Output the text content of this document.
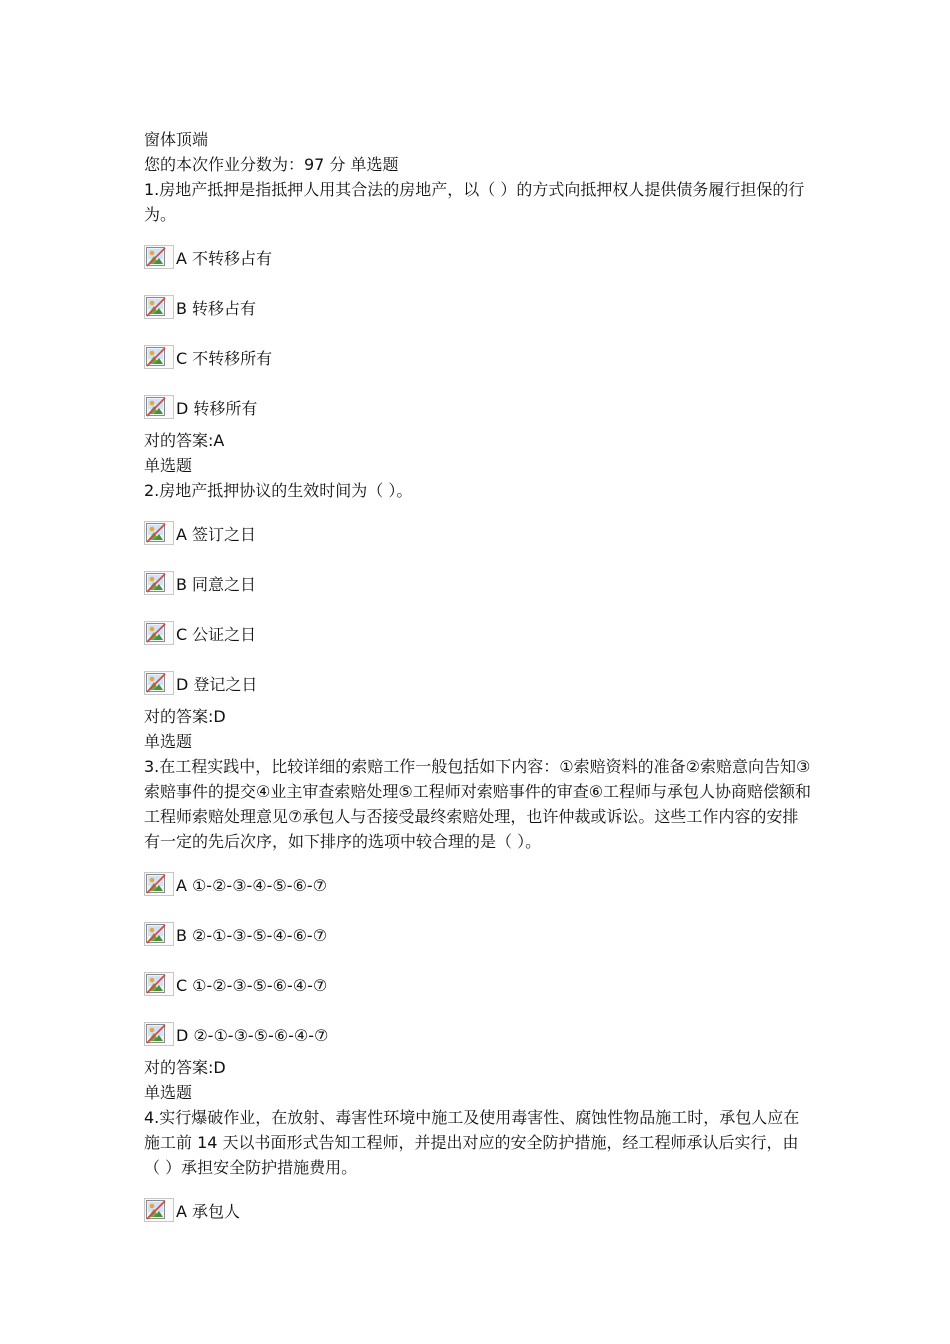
窗体顶端

您的本次作业分数为：97 分 单选题

1.房地产抵押是指抵押人用其合法的房地产，以（ ）的方式向抵押权人提供债务履行担保的行为。

A 不转移占有
B 转移占有
C 不转移所有
D 转移所有

对的答案:A

单选题

2.房地产抵押协议的生效时间为（ ）。

A 签订之日
B 同意之日
C 公证之日
D 登记之日

对的答案:D

单选题

3.在工程实践中，比较详细的索赔工作一般包括如下内容：①索赔资料的准备②索赔意向告知③索赔事件的提交④业主审查索赔处理⑤工程师对索赔事件的审查⑥工程师与承包人协商赔偿额和工程师索赔处理意见⑦承包人与否接受最终索赔处理，也许仲裁或诉讼。这些工作内容的安排有一定的先后次序，如下排序的选项中较合理的是（ ）。

A ①-②-③-④-⑤-⑥-⑦
B ②-①-③-⑤-④-⑥-⑦
C ①-②-③-⑤-⑥-④-⑦
D ②-①-③-⑤-⑥-④-⑦

对的答案:D

单选题

4.实行爆破作业，在放射、毒害性环境中施工及使用毒害性、腐蚀性物品施工时，承包人应在施工前 14 天以书面形式告知工程师，并提出对应的安全防护措施，经工程师承认后实行，由（ ）承担安全防护措施费用。

A 承包人
